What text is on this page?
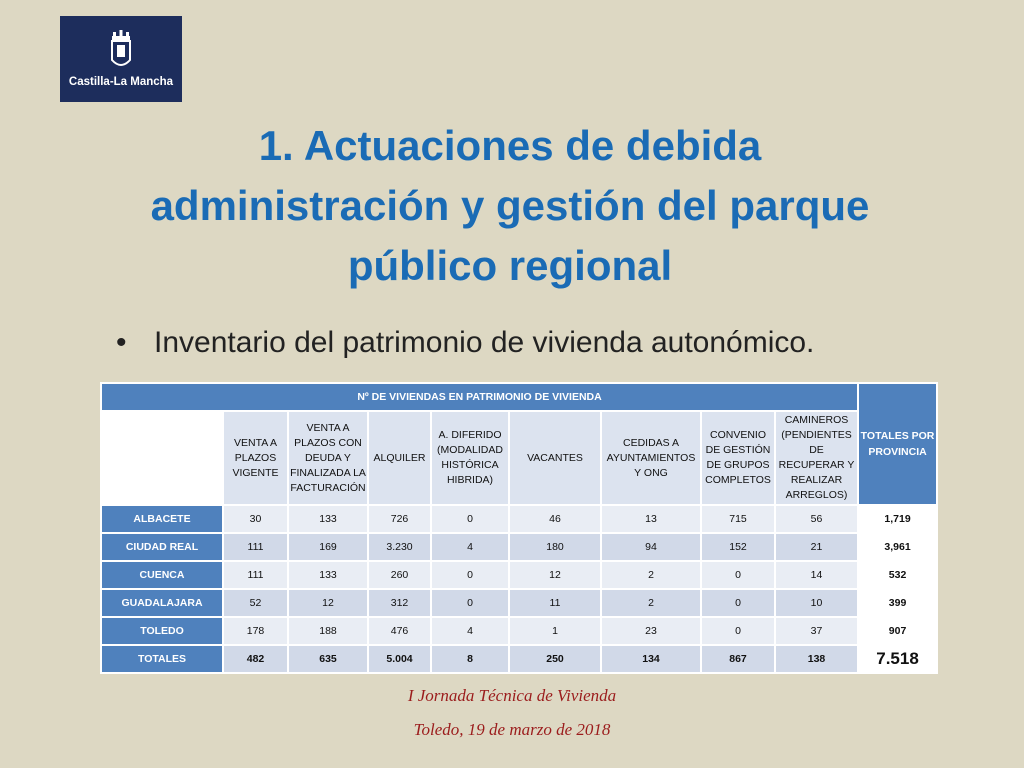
Castilla-La Mancha
1. Actuaciones de debida
administración y gestión del parque
público regional
• Inventario del patrimonio de vivienda autonómico.
Nº DE VIVIENDAS EN PATRIMONIO DE VIVIENDA									TOTALES POR PROVINCIA
	VENTA A PLAZOS VIGENTE	VENTA A PLAZOS CON DEUDA Y FINALIZADA LA FACTURACIÓN	ALQUILER	A. DIFERIDO (MODALIDAD HISTÓRICA HIBRIDA)	VACANTES	CEDIDAS A AYUNTAMIENTOS Y ONG	CONVENIO DE GESTIÓN DE GRUPOS COMPLETOS	CAMINEROS (PENDIENTES DE RECUPERAR Y REALIZAR ARREGLOS)	
ALBACETE	30	133	726	0	46	13	715	56	1,719
CIUDAD REAL	111	169	3.230	4	180	94	152	21	3,961
CUENCA	111	133	260	0	12	2	0	14	532
GUADALAJARA	52	12	312	0	11	2	0	10	399
TOLEDO	178	188	476	4	1	23	0	37	907
TOTALES	482	635	5.004	8	250	134	867	138	7.518
I Jornada Técnica de Vivienda
Toledo, 19 de marzo de 2018
